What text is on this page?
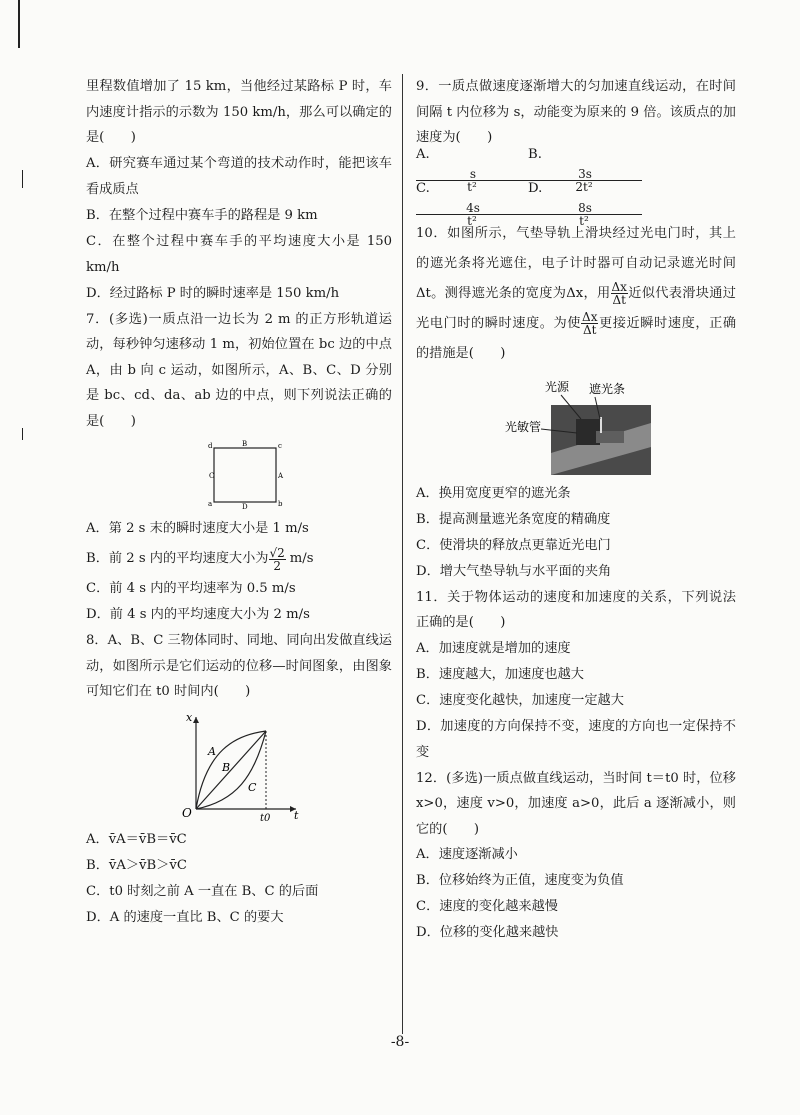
里程数值增加了 15 km，当他经过某路标 P 时，车内速度计指示的示数为 150 km/h，那么可以确定的是(　　)

A．研究赛车通过某个弯道的技术动作时，能把该车看成质点

B．在整个过程中赛车手的路程是 9 km

C．在整个过程中赛车手的平均速度大小是 150 km/h

D．经过路标 P 时的瞬时速率是 150 km/h

7．(多选)一质点沿一边长为 2 m 的正方形轨道运动，每秒钟匀速移动 1 m，初始位置在 bc 边的中点 A，由 b 向 c 运动，如图所示，A、B、C、D 分别是 bc、cd、da、ab 边的中点，则下列说法正确的是(　　)

d	c
a	b
B
C	A
D

A．第 2 s 末的瞬时速度大小是 1 m/s

B．前 2 s 内的平均速度大小为 $\frac{√2}{2} m/s$

C．前 4 s 内的平均速率为 0.5 m/s

D．前 4 s 内的平均速度大小为 2 m/s

8．A、B、C 三物体同时、同地、同向出发做直线运动，如图所示是它们运动的位移—时间图象，由图象可知它们在 t0 时间内(　　)

x
t
O	t0
A
B
C

A．v̄A＝v̄B＝v̄C

B．v̄A＞v̄B＞v̄C

C．t0 时刻之前 A 一直在 B、C 的后面

D．A 的速度一直比 B、C 的要大

9．一质点做速度逐渐增大的匀加速直线运动，在时间间隔 t 内位移为 s，动能变为原来的 9 倍。该质点的加速度为(　　)

A.
$\frac{s}{\text{t²}}$
B.
$\frac{3s}{\text{2t²}}$
C.
$\frac{4s}{\text{t²}}$
D.
$\frac{8s}{\text{t²}}$

10．如图所示，气垫导轨上滑块经过光电门时，其上的遮光条将光遮住，电子计时器可自动记录遮光时间Δt。测得遮光条的宽度为Δx，用 $\frac{\Delta x}{\Delta t}$ 近似代表滑块通过光电门时的瞬时速度。为使 $\frac{\Delta x}{\Delta t}$ 更接近瞬时速度，正确的措施是(　　)

光源 遮光条
光敏管

A．换用宽度更窄的遮光条

B．提高测量遮光条宽度的精确度

C．使滑块的释放点更靠近光电门

D．增大气垫导轨与水平面的夹角

11．关于物体运动的速度和加速度的关系，下列说法正确的是(　　)

A．加速度就是增加的速度

B．速度越大，加速度也越大

C．速度变化越快，加速度一定越大

D．加速度的方向保持不变，速度的方向也一定保持不变

12．(多选)一质点做直线运动，当时间 t＝t0 时，位移 x>0，速度 v>0，加速度 a>0，此后 a 逐渐减小，则它的(　　)

A．速度逐渐减小

B．位移始终为正值，速度变为负值

C．速度的变化越来越慢

D．位移的变化越来越快

-8-
